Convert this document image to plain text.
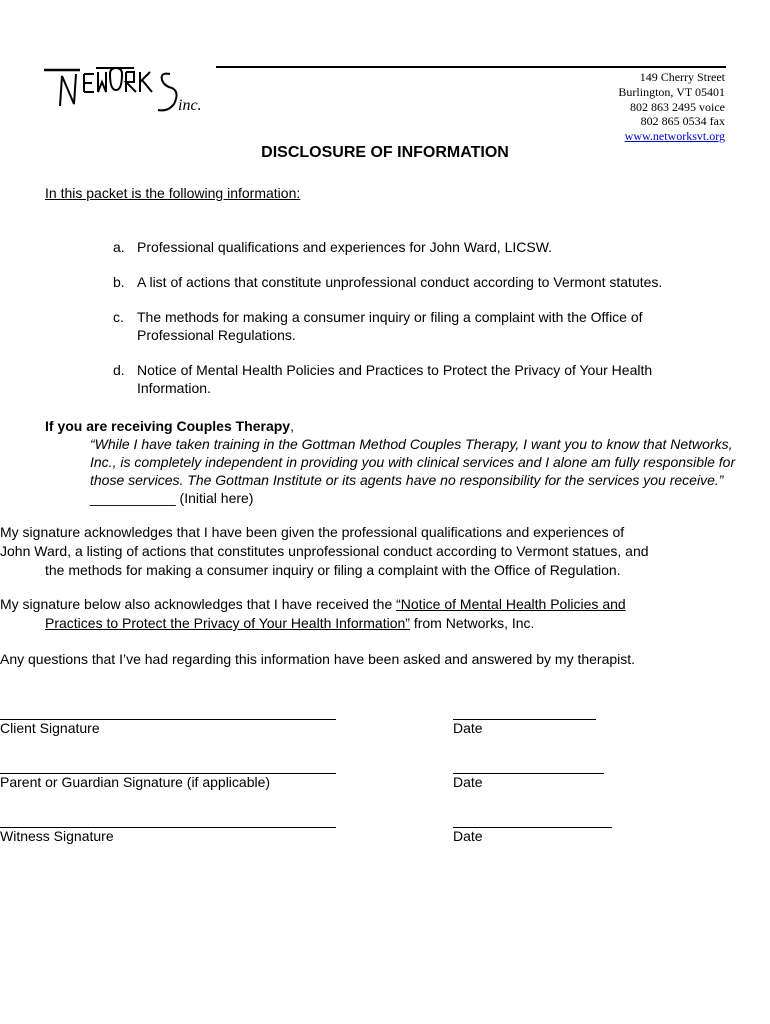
inc.
149 Cherry Street
Burlington, VT 05401
802 863 2495 voice
802 865 0534 fax
www.networksvt.org
DISCLOSURE OF INFORMATION
In this packet is the following information:
a. Professional qualifications and experiences for John Ward, LICSW.
b. A list of actions that constitute unprofessional conduct according to Vermont statutes.
c. The methods for making a consumer inquiry or filing a complaint with the Office of Professional Regulations.
d. Notice of Mental Health Policies and Practices to Protect the Privacy of Your Health Information.
If you are receiving Couples Therapy,
“While I have taken training in the Gottman Method Couples Therapy, I want you to know that Networks, Inc., is completely independent in providing you with clinical services and I alone am fully responsible for those services. The Gottman Institute or its agents have no responsibility for the services you receive.” ___________ (Initial here)
My signature acknowledges that I have been given the professional qualifications and experiences of
John Ward, a listing of actions that constitutes unprofessional conduct according to Vermont statues, and
the methods for making a consumer inquiry or filing a complaint with the Office of Regulation.
My signature below also acknowledges that I have received the “Notice of Mental Health Policies and
Practices to Protect the Privacy of Your Health Information” from Networks, Inc.
Any questions that I’ve had regarding this information have been asked and answered by my therapist.
Client Signature	Date
Parent or Guardian Signature (if applicable)	Date
Witness Signature	Date
